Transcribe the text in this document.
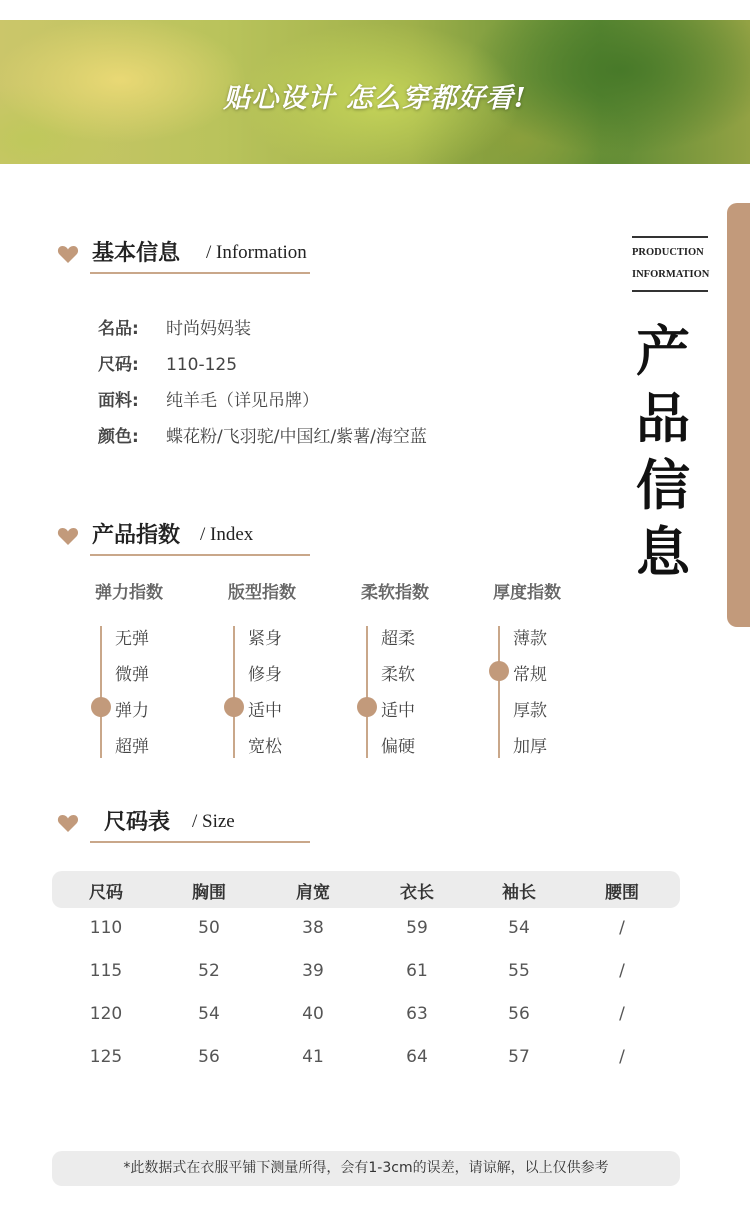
贴心设计 怎么穿都好看!
PRODUCTION
INFORMATION
产
品
信
息
基本信息 / Information
名品: 时尚妈妈装
尺码: 110-125
面料: 纯羊毛（详见吊牌）
颜色: 蝶花粉/飞羽驼/中国红/紫薯/海空蓝
产品指数 / Index
弹力指数
无弹
微弹
弹力
超弹
版型指数
紧身
修身
适中
宽松
柔软指数
超柔
柔软
适中
偏硬
厚度指数
薄款
常规
厚款
加厚
尺码表 / Size
尺码	胸围	肩宽	衣长	袖长	腰围
110	50	38	59	54	/
115	52	39	61	55	/
120	54	40	63	56	/
125	56	41	64	57	/
*此数据式在衣服平铺下测量所得，会有1-3cm的误差，请谅解，以上仅供参考
